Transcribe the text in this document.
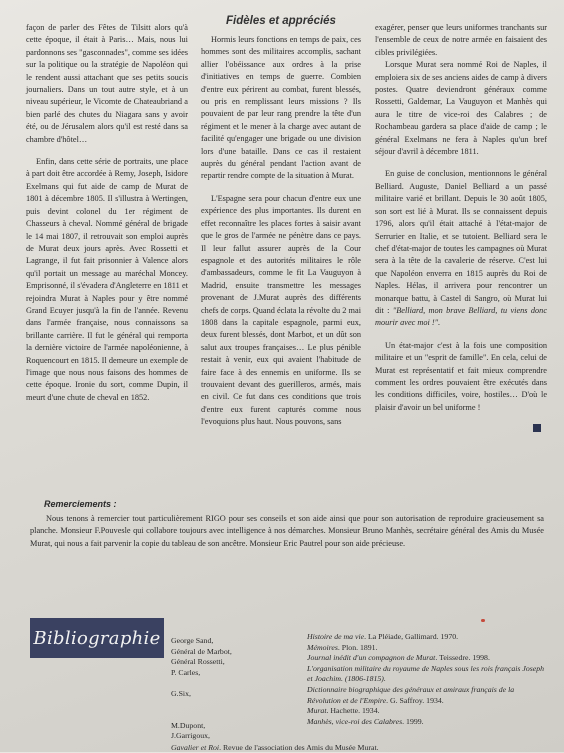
façon de parler des Fêtes de Tilsitt alors qu'à cette époque, il était à Paris… Mais, nous lui pardonnons ses "gasconnades", comme ses idées sur la politique ou la stratégie de Napoléon qui le rendent aussi attachant que ses petits soucis journaliers. Dans un tout autre style, et à un niveau supérieur, le Vicomte de Chateaubriand a bien parlé des chutes du Niagara sans y avoir été, ou de Jérusalem alors qu'il est resté dans sa chambre d'hôtel…

Enfin, dans cette série de portraits, une place à part doit être accordée à Remy, Joseph, Isidore Exelmans qui fut aide de camp de Murat de 1801 à décembre 1805. Il s'illustra à Wertingen, puis devint colonel du 1er régiment de Chasseurs à cheval. Nommé général de brigade le 14 mai 1807, il retrouvait son emploi auprès de Murat deux jours après. Avec Rossetti et Lagrange, il fut fait prisonnier à Valence alors qu'il portait un message au maréchal Moncey. Emprisonné, il s'évadera d'Angleterre en 1811 et rejoindra Murat à Naples pour y être nommé Grand Ecuyer jusqu'à la fin de l'année. Revenu dans l'armée française, nous connaissons sa brillante carrière. Il fut le général qui remporta la dernière victoire de l'armée napoléonienne, à Roquencourt en 1815. Il demeure un exemple de l'image que nous nous faisons des hommes de cette époque. Ironie du sort, comme Dupin, il meurt d'une chute de cheval en 1852.

Fidèles et appréciés

Hormis leurs fonctions en temps de paix, ces hommes sont des militaires accomplis, sachant allier l'obéissance aux ordres à la prise d'initiatives en temps de guerre. Combien d'entre eux périrent au combat, furent blessés, ou pris en remplissant leurs missions ? Ils pouvaient de par leur rang prendre la tête d'un régiment et le mener à la charge avec autant de facilité qu'engager une brigade ou une division lors d'une bataille. Dans ce cas il restaient auprès du général pendant l'action avant de repartir rendre compte de la situation à Murat.

L'Espagne sera pour chacun d'entre eux une expérience des plus importantes. Ils durent en effet reconnaître les places fortes à saisir avant que le gros de l'armée ne pénètre dans ce pays. Il leur fallut assurer auprès de la Cour espagnole et des autorités militaires le rôle d'ambassadeurs, comme le fit La Vauguyon à Madrid, ensuite transmettre les messages provenant de J.Murat auprès des différents chefs de corps. Quand éclata la révolte du 2 mai 1808 dans la capitale espagnole, parmi eux, deux furent blessés, dont Marbot, et un dût son salut aux troupes françaises… Le plus pénible restait à venir, eux qui avaient l'habitude de faire face à des ennemis en uniforme. Ils se trouvaient devant des guerilleros, armés, mais en civil. Ce fut dans ces conditions que trois d'entre eux furent capturés comme nous l'evoquions plus haut. Nous pouvons, sans

exagérer, penser que leurs uniformes tranchants sur l'ensemble de ceux de notre armée en faisaient des cibles privilégiées.

Lorsque Murat sera nommé Roi de Naples, il emploiera six de ses anciens aides de camp à divers postes. Quatre deviendront généraux comme Rossetti, Galdemar, La Vauguyon et Manhès qui aura le titre de vice-roi des Calabres ; de Rochambeau gardera sa place d'aide de camp ; le général Exelmans ne fera à Naples qu'un bref séjour d'avril à décembre 1811.

En guise de conclusion, mentionnons le général Belliard. Auguste, Daniel Belliard a un passé militaire varié et brillant. Depuis le 30 août 1805, son sort est lié à Murat. Ils se connaissent depuis 1796, alors qu'il était attaché à l'état-major de Serrurier en Italie, et se tutoient. Belliard sera le chef d'état-major de toutes les campagnes où Murat sera à la tête de la cavalerie de réserve. C'est lui que Napoléon enverra en 1815 auprès du Roi de Naples. Hélas, il arrivera pour rencontrer un monarque battu, à Castel di Sangro, où Murat lui dit : "Belliard, mon brave Belliard, tu viens donc mourir avec moi !".

Un état-major c'est à la fois une composition militaire et un "esprit de famille". En cela, celui de Murat est représentatif et fait mieux comprendre comment les ordres pouvaient être exécutés dans les conditions difficiles, voire, hostiles… D'où le plaisir d'avoir un bel uniforme !

Remerciements :
Nous tenons à remercier tout particulièrement RIGO pour ses conseils et son aide ainsi que pour son autorisation de reproduire gracieusement sa planche. Monsieur F.Pouvesle qui collabore toujours avec intelligence à nos démarches. Monsieur Bruno Manhès, secrétaire général des Amis du Musée Murat, qui nous a fait parvenir la copie du tableau de son ancêtre. Monsieur Eric Pautrel pour son aide précieuse.
Bibliographie George Sand,
Général de Marbot,
Général Rossetti,
P. Carles,
G.Six,
M.Dupont,
J.Garrigoux,
Histoire de ma vie. La Pléiade, Gallimard. 1970.
Mémoires. Plon. 1891.
Journal inédit d'un compagnon de Murat. Teissedre. 1998.
L'organisation militaire du royaume de Naples sous les rois français Joseph et Joachim. (1806-1815).
Dictionnaire biographique des généraux et amiraux français de la Révolution et de l'Empire. G. Saffroy. 1934.
Murat. Hachette. 1934.
Manhès, vice-roi des Calabres. 1999.
Gavalier et Roi. Revue de l'association des Amis du Musée Murat.
